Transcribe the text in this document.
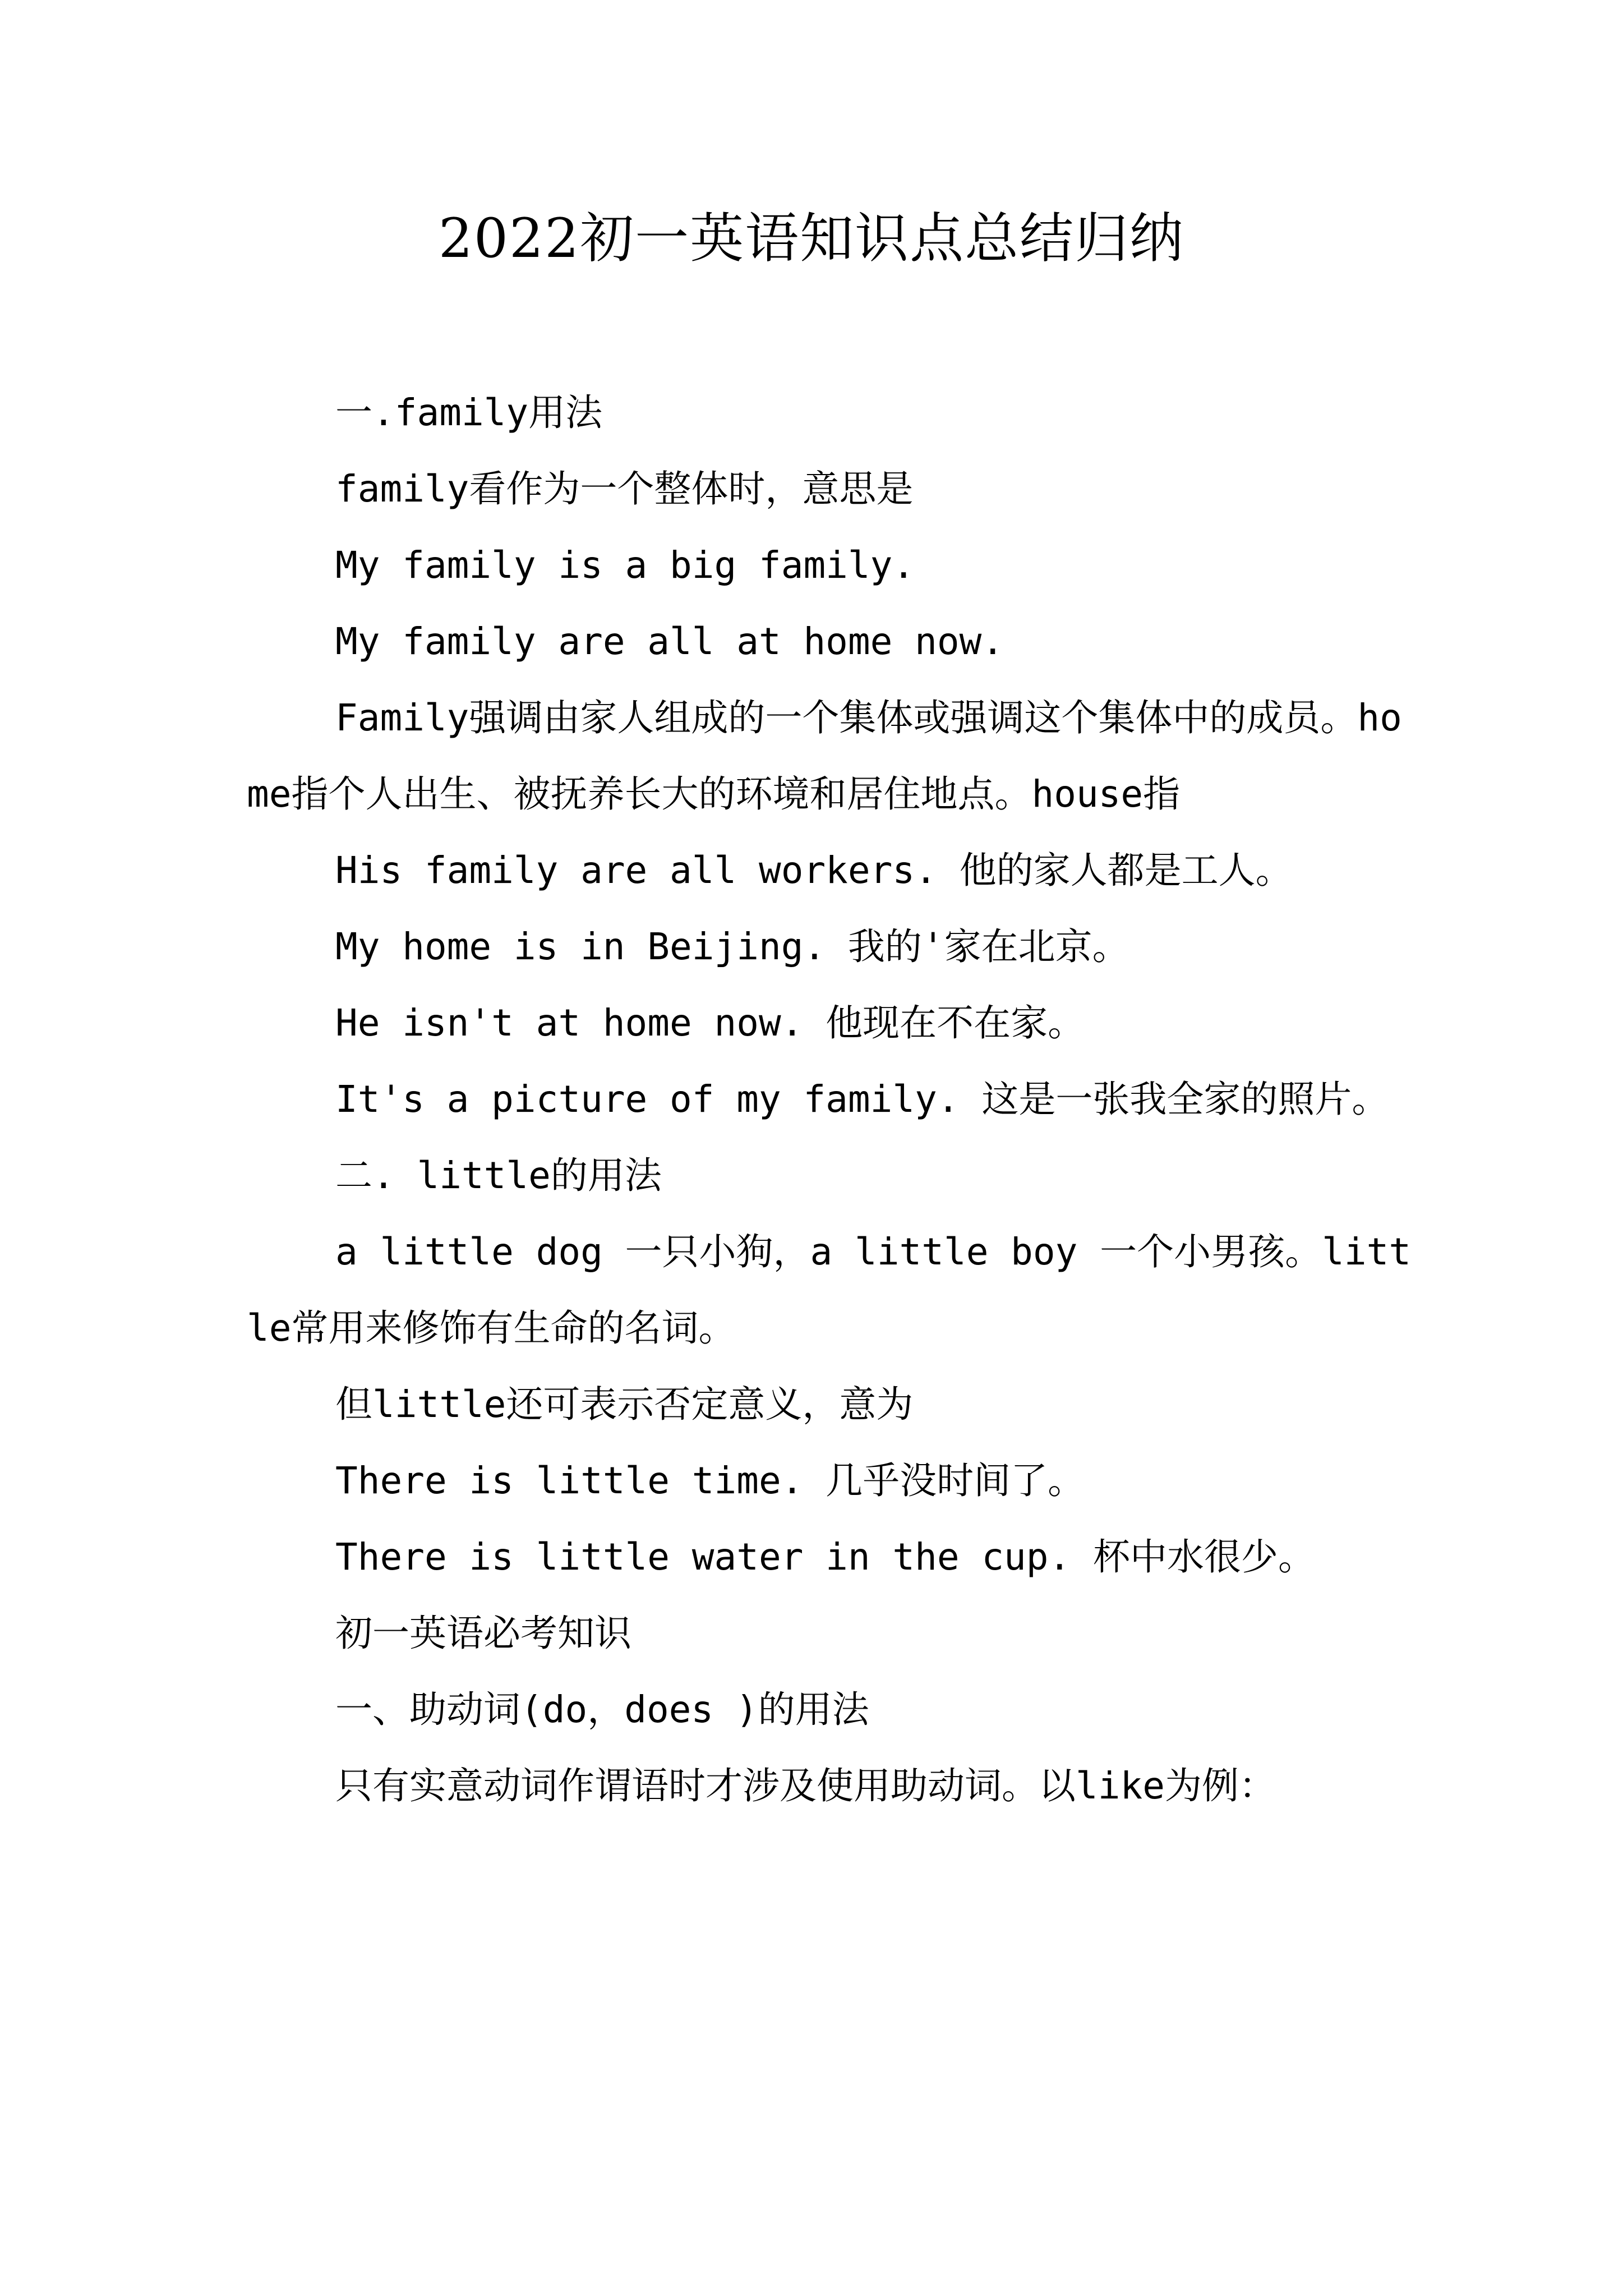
2022初一英语知识点总结归纳

一.family用法

family看作为一个整体时，意思是

My family is a big family.

My family are all at home now.

Family强调由家人组成的一个集体或强调这个集体中的成员。home指个人出生、被抚养长大的环境和居住地点。house指

His family are all workers. 他的家人都是工人。

My home is in Beijing. 我的'家在北京。

He isn't at home now. 他现在不在家。

It's a picture of my family. 这是一张我全家的照片。

二. little的用法

a little dog 一只小狗，a little boy 一个小男孩。little常用来修饰有生命的名词。

但little还可表示否定意义，意为

There is little time. 几乎没时间了。

There is little water in the cup. 杯中水很少。

初一英语必考知识

一、助动词(do，does )的用法

只有实意动词作谓语时才涉及使用助动词。以like为例：
